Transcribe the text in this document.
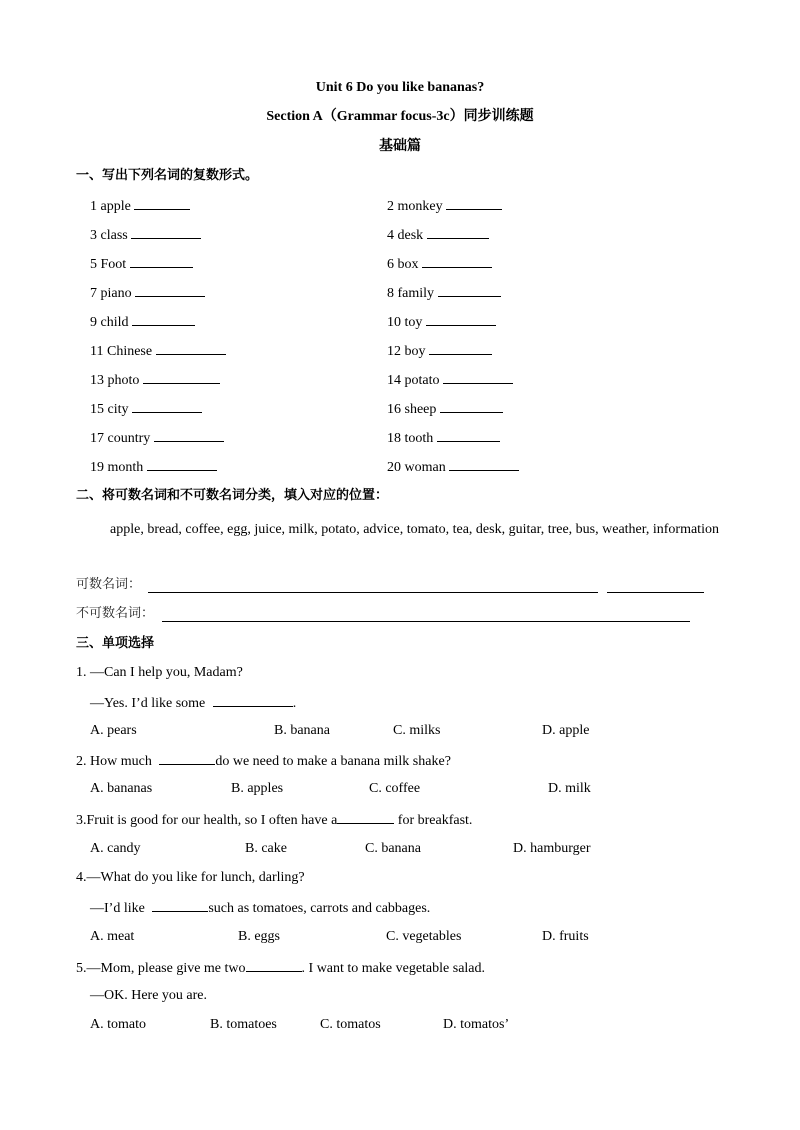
Unit 6 Do you like bananas?
Section A（Grammar focus-3c）同步训练题
基础篇
一、写出下列名词的复数形式。
1 apple	2 monkey
3 class	4 desk
5 Foot	6 box
7 piano	8 family
9 child	10 toy
11 Chinese	12 boy
13 photo	14 potato
15 city	16 sheep
17 country	18 tooth
19 month	20 woman
二、将可数名词和不可数名词分类，填入对应的位置：
apple, bread, coffee, egg, juice, milk, potato, advice, tomato, tea, desk, guitar, tree, bus, weather, information
可数名词：
不可数名词：
三、单项选择
1. —Can I help you, Madam?
—Yes. I’d like some	.
A. pears	B. banana	C. milks	D. apple
2. How much	do we need to make a banana milk shake?
A. bananas	B. apples	C. coffee	D. milk
3.Fruit is good for our health, so I often have a	for breakfast.
A. candy	B. cake	C. banana	D. hamburger
4.—What do you like for lunch, darling?
—I’d like	such as tomatoes, carrots and cabbages.
A. meat	B. eggs	C. vegetables	D. fruits
5.—Mom, please give me two	. I want to make vegetable salad.
—OK. Here you are.
A. tomato	B. tomatoes	C. tomatos	D. tomatos’
